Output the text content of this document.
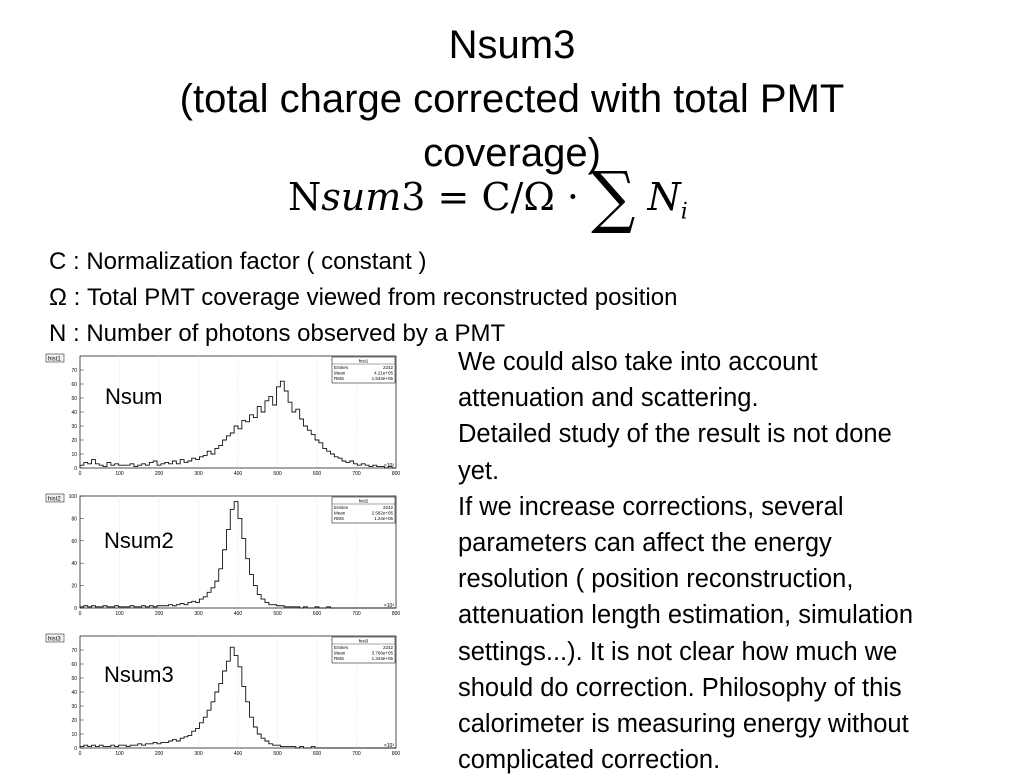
Nsum3
(total charge corrected with total PMT
coverage)
Nsum3 = C/Ω · ∑ $N_i$
C : Normalization factor ( constant )
Ω : Total PMT coverage viewed from reconstructed position
N : Number of photons observed by a PMT
We could also take into account
attenuation and scattering.
Detailed study of the result is not done
yet.
If we increase corrections, several
parameters can affect the energy
resolution ( position reconstruction,
attenuation length estimation, simulation
settings...). It is not clear how much we
should do correction. Philosophy of this
calorimeter is measuring energy without
complicated correction.
hist1
0	100	200	300	400	500	600	700	800
×10³
70
60
50
40
30
20
10
0
hist1
Entries	2242
Mean	4.21e+05
RMS	1.533e+05
Nsum
hist2
0	100	200	300	400	500	600	700	800
×10³
100
80
60
40
20
0
hist2
Entries	2242
Mean	2.582e+05
RMS	1.24e+05
Nsum2
hist3
0	100	200	300	400	500	600	700	800
×10³
70
60
50
40
30
20
10
0
hist3
Entries	2242
Mean	3.766e+05
RMS	1.343e+05
Nsum3
